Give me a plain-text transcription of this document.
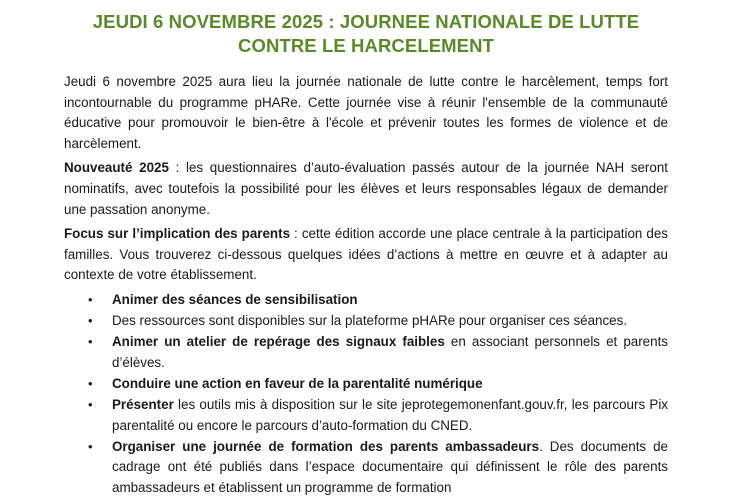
JEUDI 6 NOVEMBRE 2025 : JOURNEE NATIONALE DE LUTTE CONTRE LE HARCELEMENT

Jeudi 6 novembre 2025 aura lieu la journée nationale de lutte contre le harcèlement, temps fort incontournable du programme pHARe. Cette journée vise à réunir l'ensemble de la communauté éducative pour promouvoir le bien-être à l'école et prévenir toutes les formes de violence et de harcèlement.

Nouveauté 2025 : les questionnaires d’auto-évaluation passés autour de la journée NAH seront nominatifs, avec toutefois la possibilité pour les élèves et leurs responsables légaux de demander une passation anonyme.

Focus sur l’implication des parents : cette édition accorde une place centrale à la participation des familles. Vous trouverez ci-dessous quelques idées d’actions à mettre en œuvre et à adapter au contexte de votre établissement.

• Animer des séances de sensibilisation
• Des ressources sont disponibles sur la plateforme pHARe pour organiser ces séances.
• Animer un atelier de repérage des signaux faibles en associant personnels et parents d’élèves.
• Conduire une action en faveur de la parentalité numérique
• Présenter les outils mis à disposition sur le site jeprotegemonenfant.gouv.fr, les parcours Pix parentalité ou encore le parcours d’auto-formation du CNED.
• Organiser une journée de formation des parents ambassadeurs. Des documents de cadrage ont été publiés dans l’espace documentaire qui définissent le rôle des parents ambassadeurs et établissent un programme de formation
